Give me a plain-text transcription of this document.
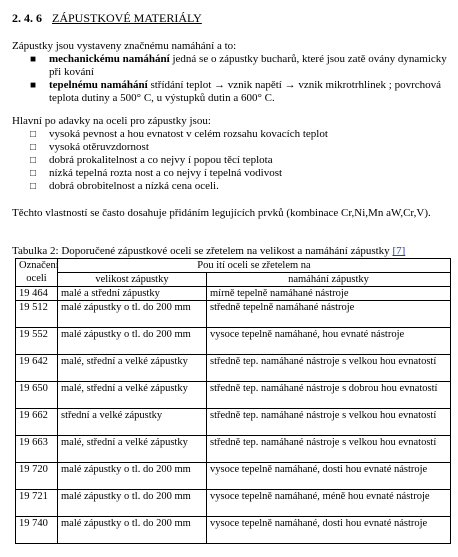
2. 4. 6 ZÁPUSTKOVÉ MATERIÁLY
Zápustky jsou vystaveny značnému namáhání a to:
■ mechanickému namáhání jedná se o zápustky bucharů, které jsou zatě ovány dynamicky při kování
■ tepelnému namáhání střídání teplot → vznik napětí → vznik mikrotrhlinek ; povrchová teplota dutiny a 500° C, u výstupků dutin a 600° C.
Hlavní po adavky na oceli pro zápustky jsou:
□ vysoká pevnost a hou evnatost v celém rozsahu kovacích teplot
□ vysoká otěruvzdornost
□ dobrá prokalitelnost a co nejvy í popou těcí teplota
□ nízká tepelná rozta nost a co nejvy í tepelná vodivost
□ dobrá obrobitelnost a nízká cena oceli.
Těchto vlastností se často dosahuje přidáním legujících prvků (kombinace Cr,Ni,Mn aW,Cr,V).
Tabulka 2: Doporučené zápustkové oceli se zřetelem na velikost a namáhání zápustky [7]
Označení oceli	Pou ití oceli se zřetelem na	
	velikost zápustky	namáhání zápustky
19 464	malé a střední zápustky	mírně tepelně namáhané nástroje
19 512	malé zápustky o tl. do 200 mm	středně tepelně namáhané nástroje
19 552	malé zápustky o tl. do 200 mm	vysoce tepelně namáhané, hou evnaté nástroje
19 642	malé, střední a velké zápustky	středně tep. namáhané nástroje s velkou hou evnatostí
19 650	malé, střední a velké zápustky	středně tep. namáhané nástroje s dobrou hou evnatostí
19 662	střední a velké zápustky	středně tep. namáhané nástroje s velkou hou evnatostí
19 663	malé, střední a velké zápustky	středně tep. namáhané nástroje s velkou hou evnatostí
19 720	malé zápustky o tl. do 200 mm	vysoce tepelně namáhané, dosti hou evnaté nástroje
19 721	malé zápustky o tl. do 200 mm	vysoce tepelně namáhané, méně hou evnaté nástroje
19 740	malé zápustky o tl. do 200 mm	vysoce tepelně namáhané, dosti hou evnaté nástroje
